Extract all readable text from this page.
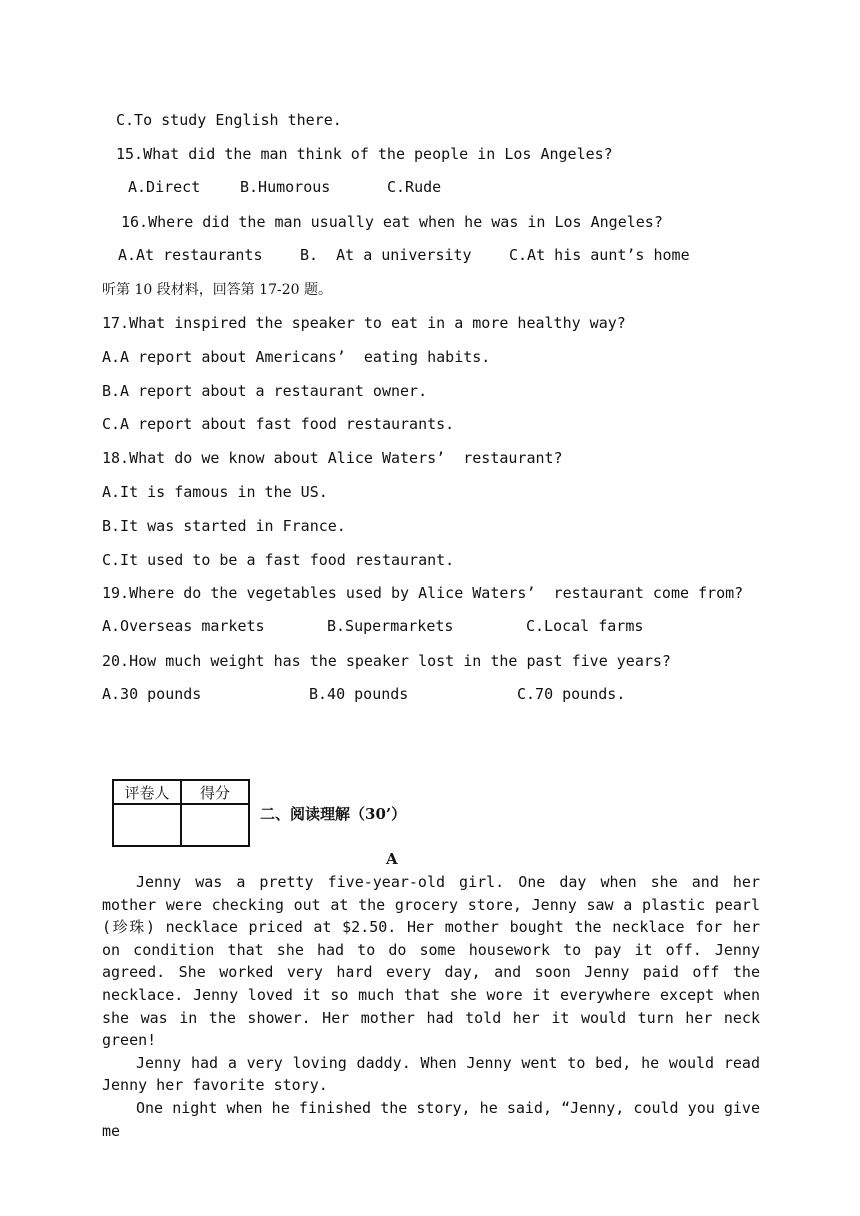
C.To study English there.
15.What did the man think of the people in Los Angeles?
A.Direct	B.Humorous	C.Rude
16.Where did the man usually eat when he was in Los Angeles?
A.At restaurants	B.  At a university C.At his aunt’s home
听第 10 段材料，回答第 17-20 题。
17.What inspired the speaker to eat in a more healthy way?
A.A report about Americans’  eating habits.
B.A report about a restaurant owner.
C.A report about fast food restaurants.
18.What do we know about Alice Waters’  restaurant?
A.It is famous in the US.
B.It was started in France.
C.It used to be a fast food restaurant.
19.Where do the vegetables used by Alice Waters’  restaurant come from?
A.Overseas markets	B.Supermarkets	C.Local farms
20.How much weight has the speaker lost in the past five years?
A.30 pounds	B.40 pounds	C.70 pounds.
评卷人	得分

二、阅读理解（30’）
A

Jenny was a pretty five-year-old girl. One day when she and her mother were checking out at the grocery store, Jenny saw a plastic pearl (珍珠) necklace priced at $2.50. Her mother bought the necklace for her on condition that she had to do some housework to pay it off. Jenny agreed. She worked very hard every day, and soon Jenny paid off the necklace. Jenny loved it so much that she wore it everywhere except when she was in the shower. Her mother had told her it would turn her neck green!

Jenny had a very loving daddy. When Jenny went to bed, he would read Jenny her favorite story.

One night when he finished the story, he said, “Jenny, could you give me
